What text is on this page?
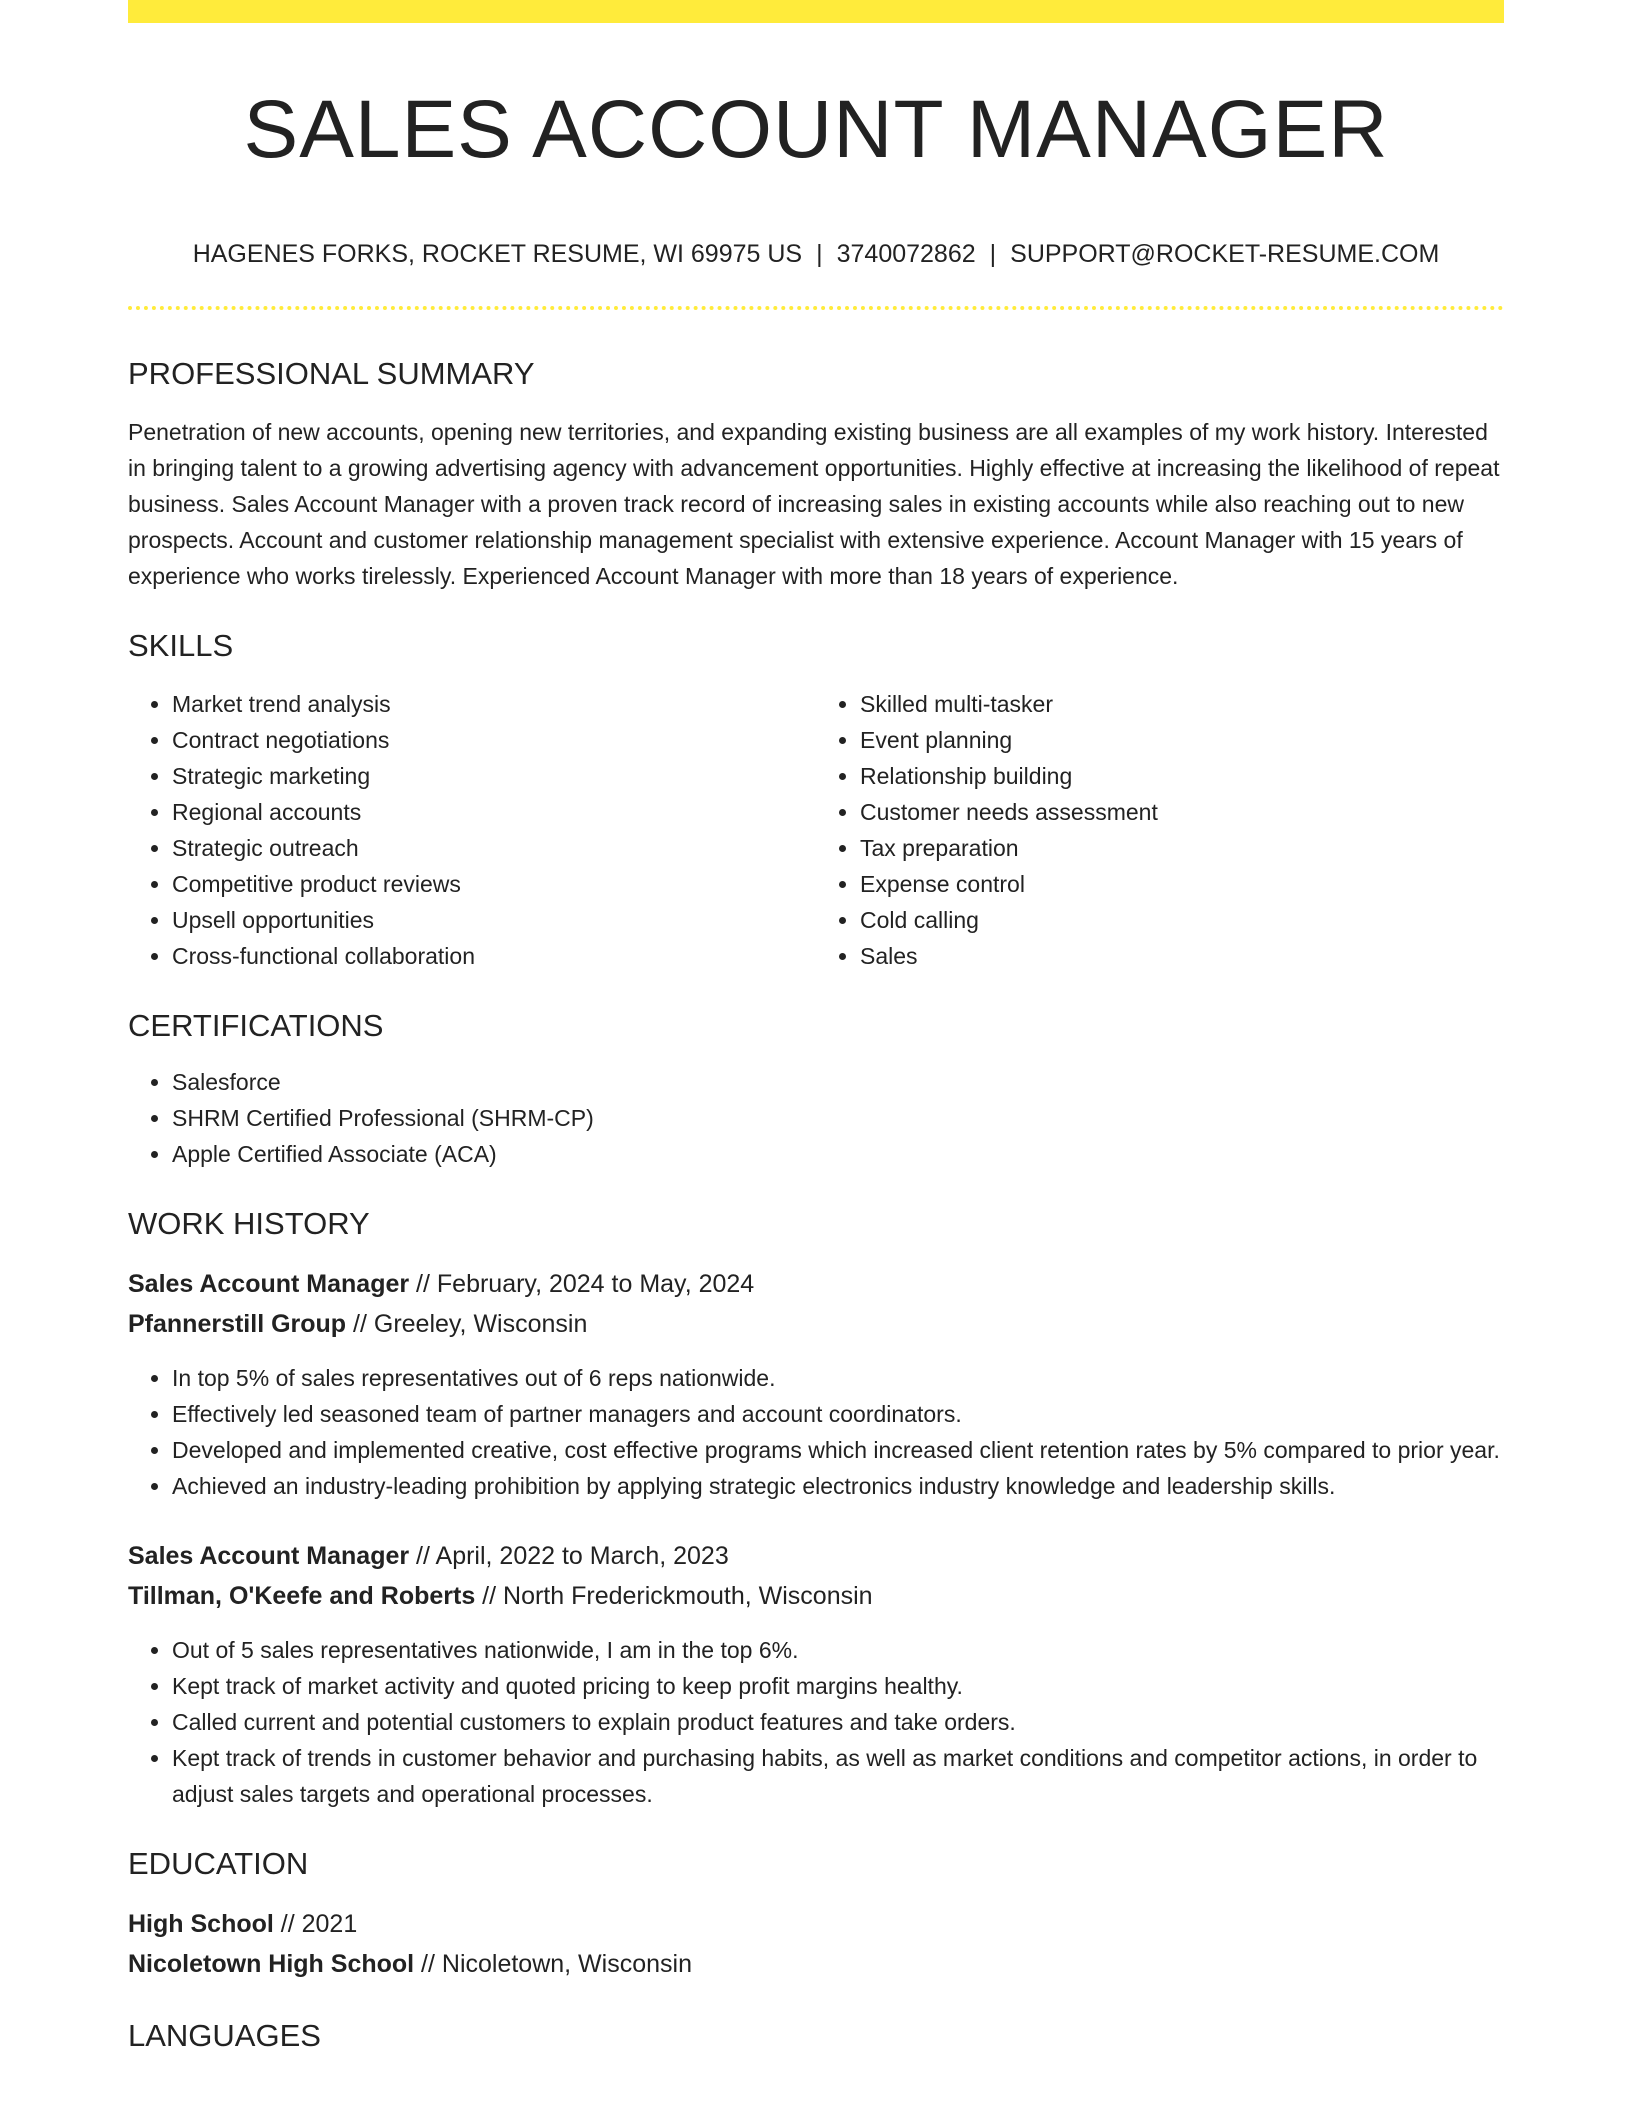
SALES ACCOUNT MANAGER
HAGENES FORKS, ROCKET RESUME, WI 69975 US | 3740072862 | SUPPORT@ROCKET-RESUME.COM
PROFESSIONAL SUMMARY

Penetration of new accounts, opening new territories, and expanding existing business are all examples of my work history. Interested in bringing talent to a growing advertising agency with advancement opportunities. Highly effective at increasing the likelihood of repeat business. Sales Account Manager with a proven track record of increasing sales in existing accounts while also reaching out to new prospects. Account and customer relationship management specialist with extensive experience. Account Manager with 15 years of experience who works tirelessly. Experienced Account Manager with more than 18 years of experience.

SKILLS
• Market trend analysis
• Contract negotiations
• Strategic marketing
• Regional accounts
• Strategic outreach
• Competitive product reviews
• Upsell opportunities
• Cross-functional collaboration
• Skilled multi-tasker
• Event planning
• Relationship building
• Customer needs assessment
• Tax preparation
• Expense control
• Cold calling
• Sales
CERTIFICATIONS
• Salesforce
• SHRM Certified Professional (SHRM-CP)
• Apple Certified Associate (ACA)
WORK HISTORY
Sales Account Manager // February, 2024 to May, 2024
Pfannerstill Group // Greeley, Wisconsin
• In top 5% of sales representatives out of 6 reps nationwide.
• Effectively led seasoned team of partner managers and account coordinators.
• Developed and implemented creative, cost effective programs which increased client retention rates by 5% compared to prior year.
• Achieved an industry-leading prohibition by applying strategic electronics industry knowledge and leadership skills.
Sales Account Manager // April, 2022 to March, 2023
Tillman, O'Keefe and Roberts // North Frederickmouth, Wisconsin
• Out of 5 sales representatives nationwide, I am in the top 6%.
• Kept track of market activity and quoted pricing to keep profit margins healthy.
• Called current and potential customers to explain product features and take orders.
• Kept track of trends in customer behavior and purchasing habits, as well as market conditions and competitor actions, in order to adjust sales targets and operational processes.
EDUCATION
High School // 2021
Nicoletown High School // Nicoletown, Wisconsin
LANGUAGES
